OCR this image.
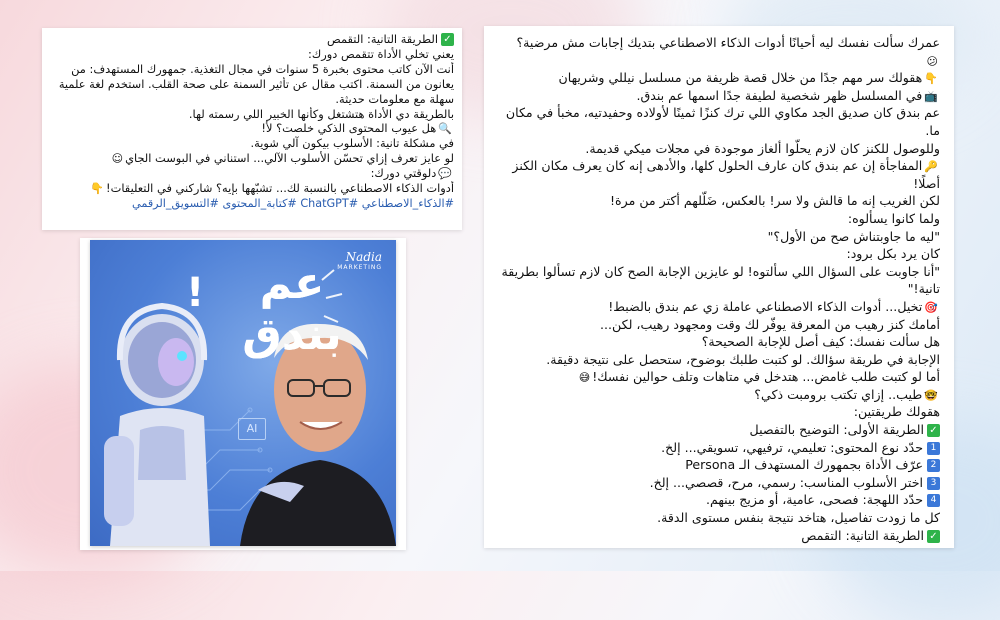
✓الطريقة التانية: التقمص
يعني تخلي الأداة تتقمص دورك:
أنت الآن كاتب محتوى بخبرة 5 سنوات في مجال التغذية. جمهورك المستهدف: من
يعانون من السمنة. اكتب مقال عن تأثير السمنة على صحة القلب. استخدم لغة علمية
سهلة مع معلومات حديثة.
بالطريقة دي الأداة هتشتغل وكأنها الخبير اللي رسمته لها.
🔍هل عيوب المحتوى الذكي خلصت؟ لأ!
في مشكلة تانية: الأسلوب بيكون آلي شوية.
لو عايز تعرف إزاي تحسّن الأسلوب الآلي... استناني في البوست الجاي☺
💬دلوقتي دورك:
أدوات الذكاء الاصطناعي بالنسبة لك... تشبّهها بإيه؟ شاركني في التعليقات!👇
#الذكاء_الاصطناعي #ChatGPT #كتابة_المحتوى #التسويق_الرقمي
!	عم بندق
Nadia
MARKETING
AI
عمرك سألت نفسك ليه أحيانًا أدوات الذكاء الاصطناعي بتديك إجابات مش مرضية؟
😕
👇هقولك سر مهم جدًا من خلال قصة ظريفة من مسلسل نيللي وشريهان
📺في المسلسل ظهر شخصية لطيفة جدًا اسمها عم بندق.
عم بندق كان صديق الجد مكاوي اللي ترك كنزًا ثمينًا لأولاده وحفيدتيه، مخبأ في مكان ما.
وللوصول للكنز كان لازم يحلّوا ألغاز موجودة في مجلات ميكي قديمة.
🔑المفاجأة إن عم بندق كان عارف الحلول كلها، والأدهى إنه كان يعرف مكان الكنز أصلًا!
لكن الغريب إنه ما قالش ولا سر! بالعكس، ضَلّلهم أكتر من مرة!
ولما كانوا يسألوه:
"ليه ما جاوبتناش صح من الأول؟"
كان يرد بكل برود:
"أنا جاوبت على السؤال اللي سألتوه! لو عايزين الإجابة الصح كان لازم تسألوا بطريقة تانية!"
🎯تخيل... أدوات الذكاء الاصطناعي عاملة زي عم بندق بالضبط!
أمامك كنز رهيب من المعرفة يوفّر لك وقت ومجهود رهيب، لكن...
هل سألت نفسك: كيف أصل للإجابة الصحيحة؟
الإجابة في طريقة سؤالك. لو كتبت طلبك بوضوح، ستحصل على نتيجة دقيقة.
أما لو كتبت طلب غامض... هتدخل في متاهات وتلف حوالين نفسك!😅
🤓طيب.. إزاي تكتب برومبت ذكي؟
هقولك طريقتين:
✓الطريقة الأولى: التوضيح بالتفصيل
1حدّد نوع المحتوى: تعليمي، ترفيهي، تسويقي... إلخ.
2عرّف الأداة بجمهورك المستهدف الـ Persona
3اختر الأسلوب المناسب: رسمي، مرح، قصصي... إلخ.
4حدّد اللهجة: فصحى، عامية، أو مزيج بينهم.
كل ما زودت تفاصيل، هتاخد نتيجة بنفس مستوى الدقة.
✓الطريقة التانية: التقمص
